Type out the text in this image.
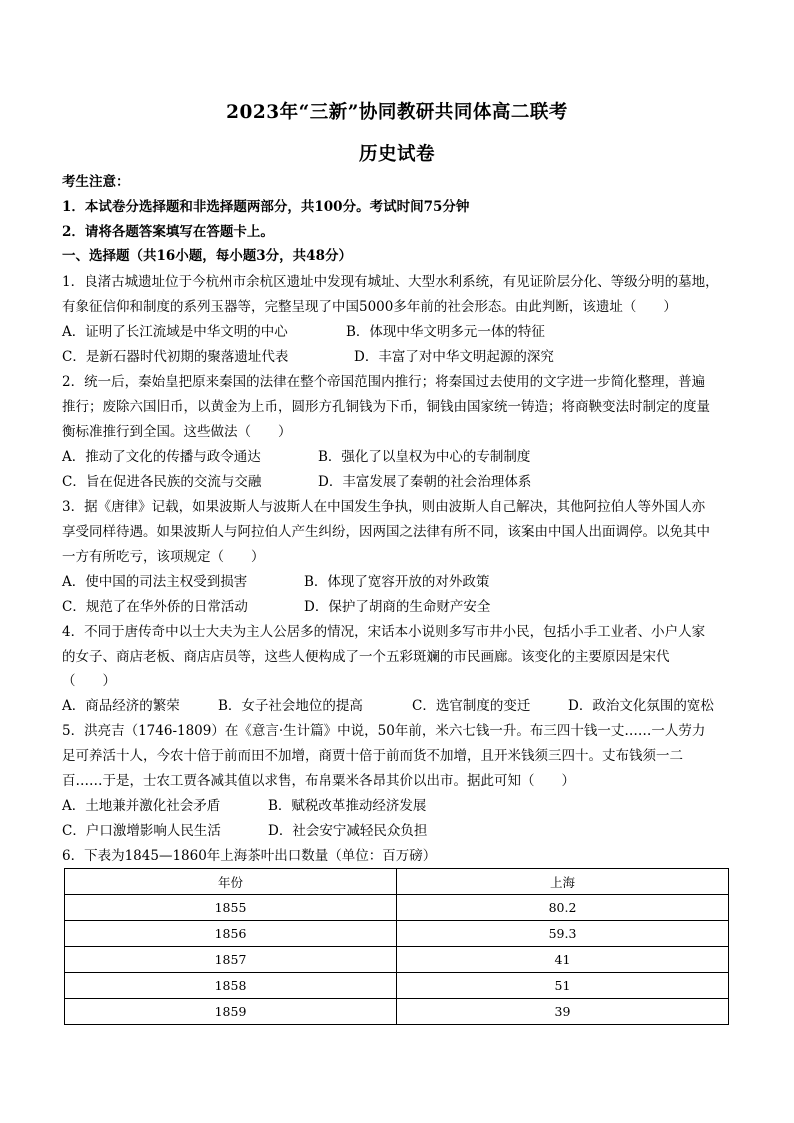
2023年“三新”协同教研共同体高二联考
历史试卷
考生注意：
1．本试卷分选择题和非选择题两部分，共100分。考试时间75分钟
2．请将各题答案填写在答题卡上。
一、选择题（共16小题，每小题3分，共48分）
1．良渚古城遗址位于今杭州市余杭区遗址中发现有城址、大型水利系统，有见证阶层分化、等级分明的墓地，
有象征信仰和制度的系列玉器等，完整呈现了中国5000多年前的社会形态。由此判断，该遗址（　　）
A．证明了长江流域是中华文明的中心	B．体现中华文明多元一体的特征
C．是新石器时代初期的聚落遗址代表	D．丰富了对中华文明起源的深究
2．统一后，秦始皇把原来秦国的法律在整个帝国范围内推行；将秦国过去使用的文字进一步简化整理，普遍
推行；废除六国旧币，以黄金为上币，圆形方孔铜钱为下币，铜钱由国家统一铸造；将商鞅变法时制定的度量
衡标准推行到全国。这些做法（　　）
A．推动了文化的传播与政令通达	B．强化了以皇权为中心的专制制度
C．旨在促进各民族的交流与交融	D．丰富发展了秦朝的社会治理体系
3．据《唐律》记载，如果波斯人与波斯人在中国发生争执，则由波斯人自己解决，其他阿拉伯人等外国人亦
享受同样待遇。如果波斯人与阿拉伯人产生纠纷，因两国之法律有所不同，该案由中国人出面调停。以免其中
一方有所吃亏，该项规定（　　）
A．使中国的司法主权受到损害	B．体现了宽容开放的对外政策
C．规范了在华外侨的日常活动	D．保护了胡商的生命财产安全
4．不同于唐传奇中以士大夫为主人公居多的情况，宋话本小说则多写市井小民，包括小手工业者、小户人家
的女子、商店老板、商店店员等，这些人便构成了一个五彩斑斓的市民画廊。该变化的主要原因是宋代
（　　）
A．商品经济的繁荣	B．女子社会地位的提高	C．选官制度的变迁	D．政治文化氛围的宽松
5．洪亮吉（1746-1809）在《意言·生计篇》中说，50年前，米六七钱一升。布三四十钱一丈……一人劳力
足可养活十人，今农十倍于前而田不加增，商贾十倍于前而货不加增，且开米钱须三四十。丈布钱须一二
百……于是，士农工贾各减其值以求售，布帛粟米各昂其价以出市。据此可知（　　）
A．土地兼并激化社会矛盾	B．赋税改革推动经济发展
C．户口激增影响人民生活	D．社会安宁减轻民众负担
6．下表为1845—1860年上海茶叶出口数量（单位：百万磅）
年份	上海
1855	80.2
1856	59.3
1857	41
1858	51
1859	39
